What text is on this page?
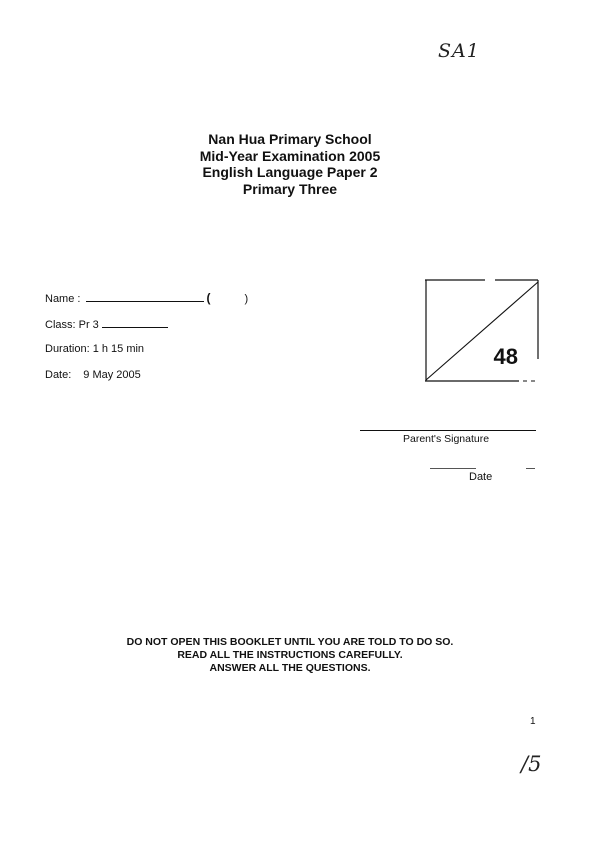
SA1
Nan Hua Primary School
Mid-Year Examination 2005
English Language Paper 2
Primary Three
Name :	(	)
Class: Pr 3
Duration: 1 h 15 min
Date: 9 May 2005
48
Parent's Signature
Date
DO NOT OPEN THIS BOOKLET UNTIL YOU ARE TOLD TO DO SO.
READ ALL THE INSTRUCTIONS CAREFULLY.
ANSWER ALL THE QUESTIONS.
1
/5
